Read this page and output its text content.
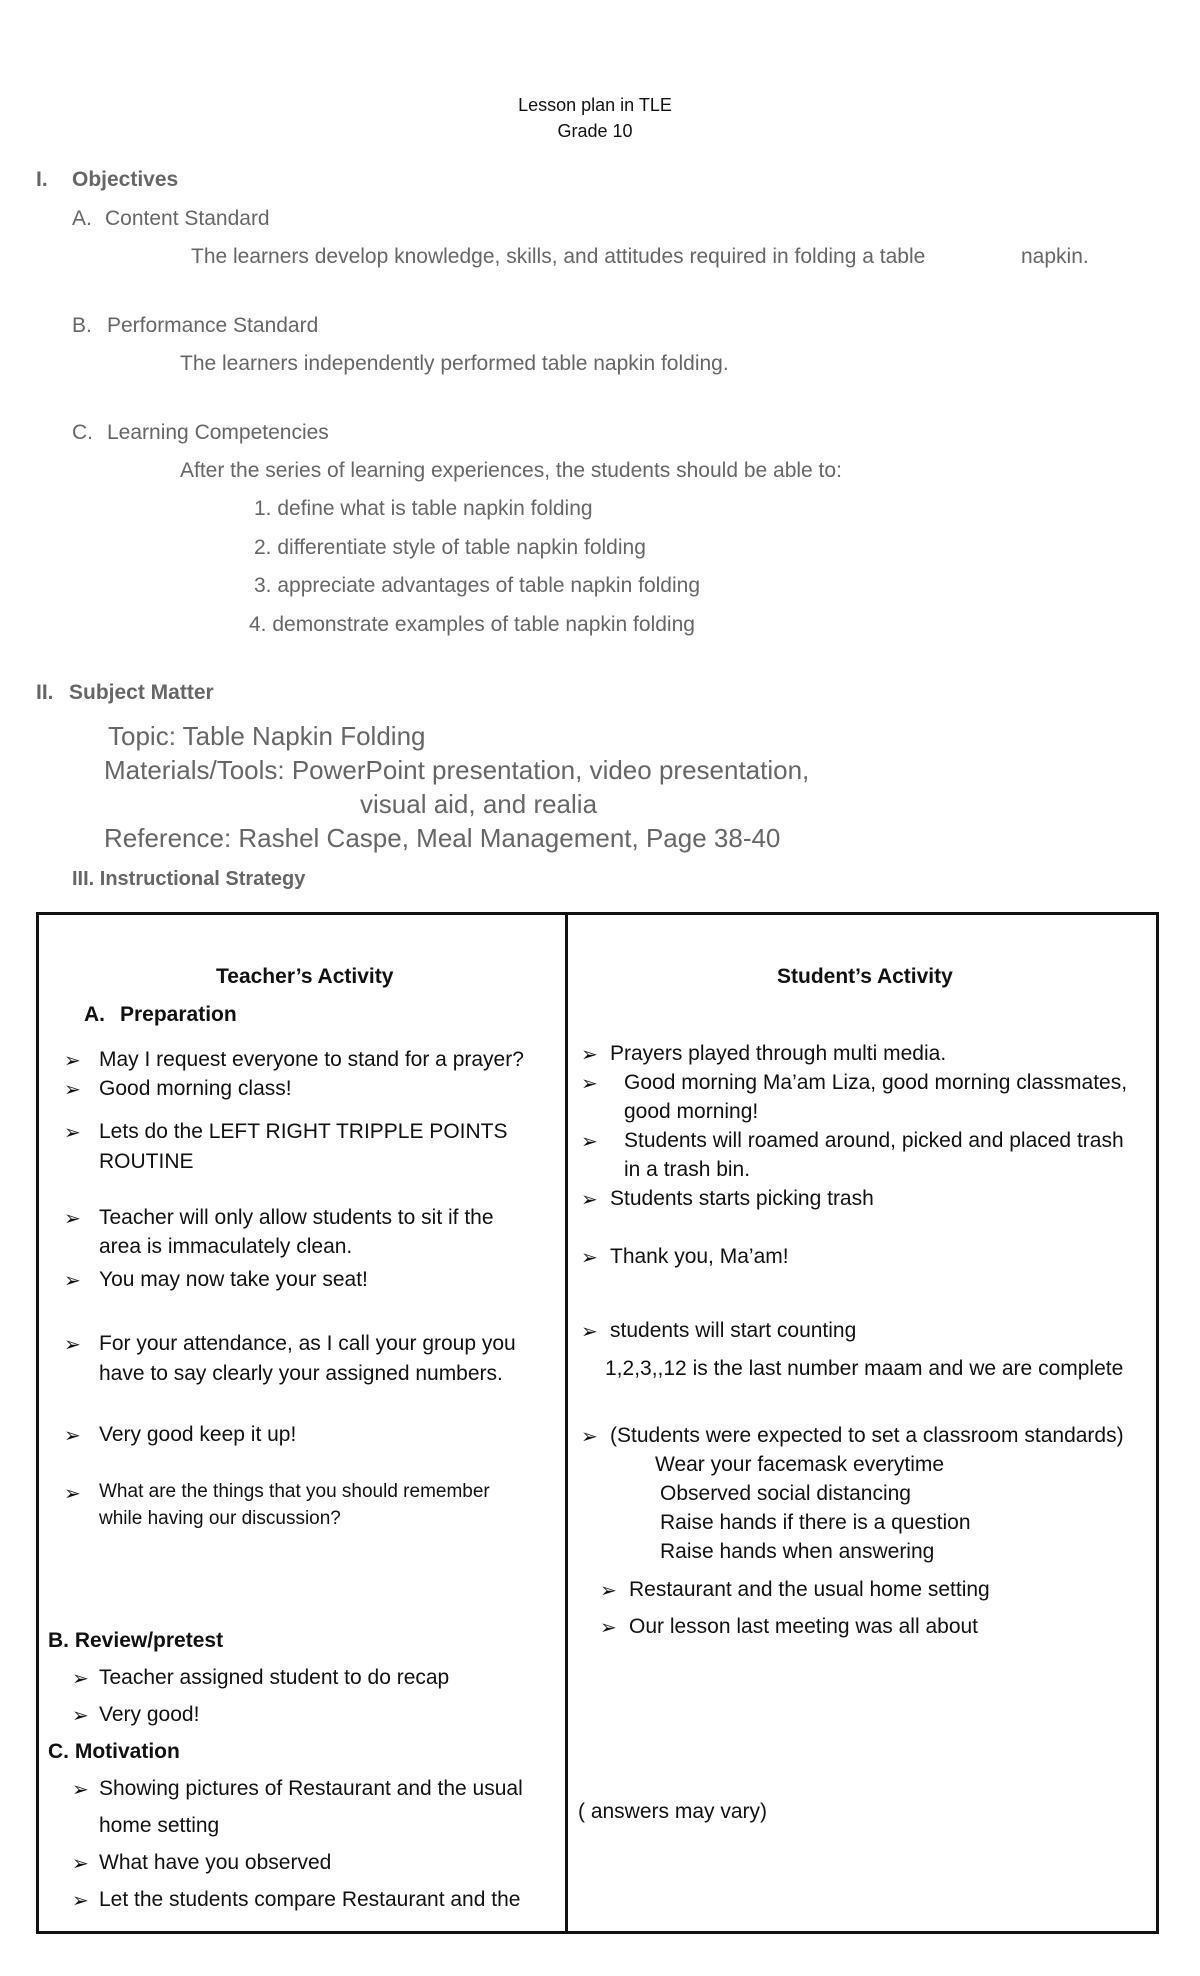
Lesson plan in TLE
Grade 10
I. Objectives
A. Content Standard
The learners develop knowledge, skills, and attitudes required in folding a table	napkin.
B. Performance Standard
The learners independently performed table napkin folding.
C. Learning Competencies
After the series of learning experiences, the students should be able to:
1. define what is table napkin folding
2. differentiate style of table napkin folding
3. appreciate advantages of table napkin folding
4. demonstrate examples of table napkin folding
II. Subject Matter
Topic: Table Napkin Folding
Materials/Tools: PowerPoint presentation, video presentation,
visual aid, and realia
Reference: Rashel Caspe, Meal Management, Page 38-40
III. Instructional Strategy
Teacher’s Activity
A. Preparation
➢ May I request everyone to stand for a prayer?
➢ Good morning class!
➢ Lets do the LEFT RIGHT TRIPPLE POINTS
ROUTINE
➢ Teacher will only allow students to sit if the
area is immaculately clean.
➢ You may now take your seat!
➢ For your attendance, as I call your group you
have to say clearly your assigned numbers.
➢ Very good keep it up!
➢ What are the things that you should remember
while having our discussion?
B. Review/pretest
➢ Teacher assigned student to do recap
➢ Very good!
C. Motivation
➢ Showing pictures of Restaurant and the usual
home setting
➢ What have you observed
➢ Let the students compare Restaurant and the
Student’s Activity
➢ Prayers played through multi media.
➢ Good morning Ma’am Liza, good morning classmates,
good morning!
➢ Students will roamed around, picked and placed trash
in a trash bin.
➢ Students starts picking trash
➢ Thank you, Ma’am!
➢ students will start counting
1,2,3,,12 is the last number maam and we are complete
➢ (Students were expected to set a classroom standards)
Wear your facemask everytime
Observed social distancing
Raise hands if there is a question
Raise hands when answering
➢ Restaurant and the usual home setting
➢ Our lesson last meeting was all about
( answers may vary)
